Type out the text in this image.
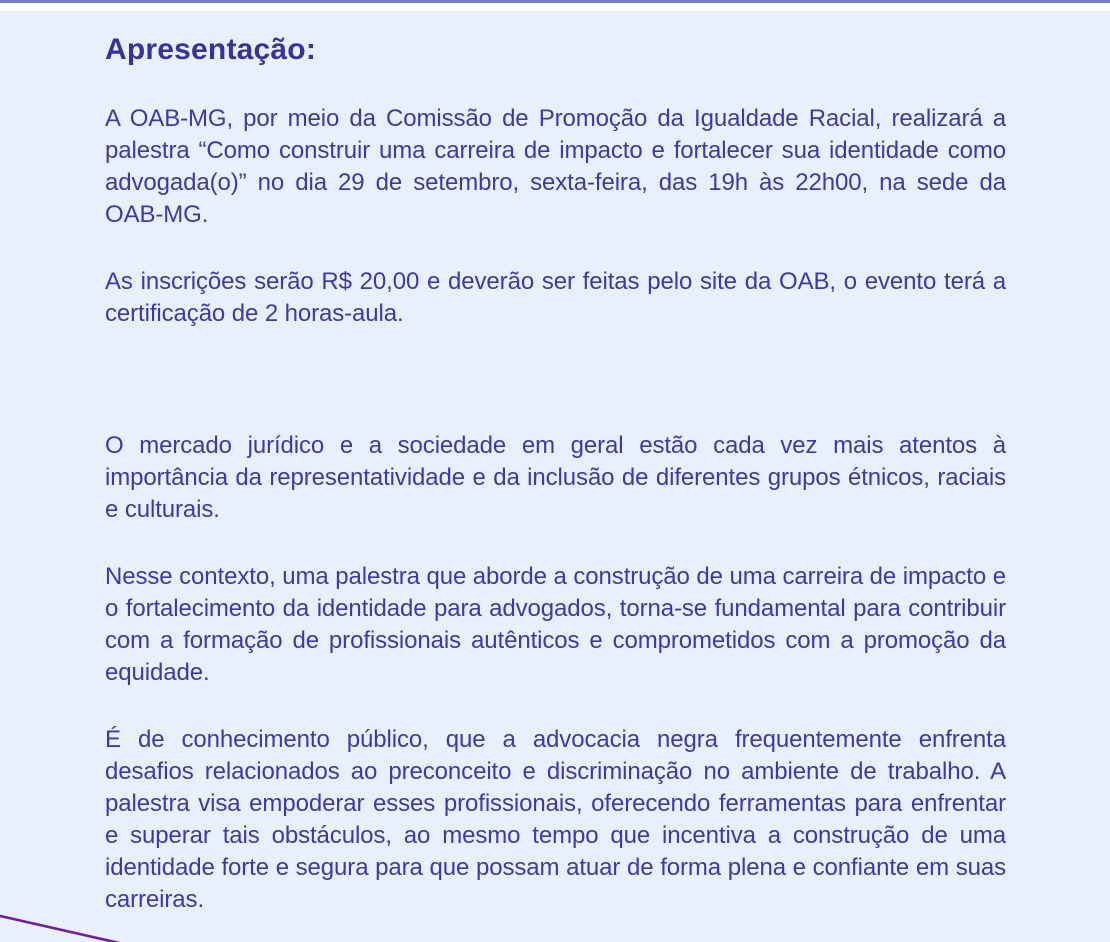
Apresentação:

A OAB-MG, por meio da Comissão de Promoção da Igualdade Racial, realizará a palestra “Como construir uma carreira de impacto e fortalecer sua identidade como advogada(o)” no dia 29 de setembro, sexta-feira, das 19h às 22h00, na sede da OAB-MG.

As inscrições serão R$ 20,00 e deverão ser feitas pelo site da OAB, o evento terá a certificação de 2 horas-aula.

O mercado jurídico e a sociedade em geral estão cada vez mais atentos à importância da representatividade e da inclusão de diferentes grupos étnicos, raciais e culturais.

Nesse contexto, uma palestra que aborde a construção de uma carreira de impacto e o fortalecimento da identidade para advogados, torna-se fundamental para contribuir com a formação de profissionais autênticos e comprometidos com a promoção da equidade.

É de conhecimento público, que a advocacia negra frequentemente enfrenta desafios relacionados ao preconceito e discriminação no ambiente de trabalho. A palestra visa empoderar esses profissionais, oferecendo ferramentas para enfrentar e superar tais obstáculos, ao mesmo tempo que incentiva a construção de uma identidade forte e segura para que possam atuar de forma plena e confiante em suas carreiras.
